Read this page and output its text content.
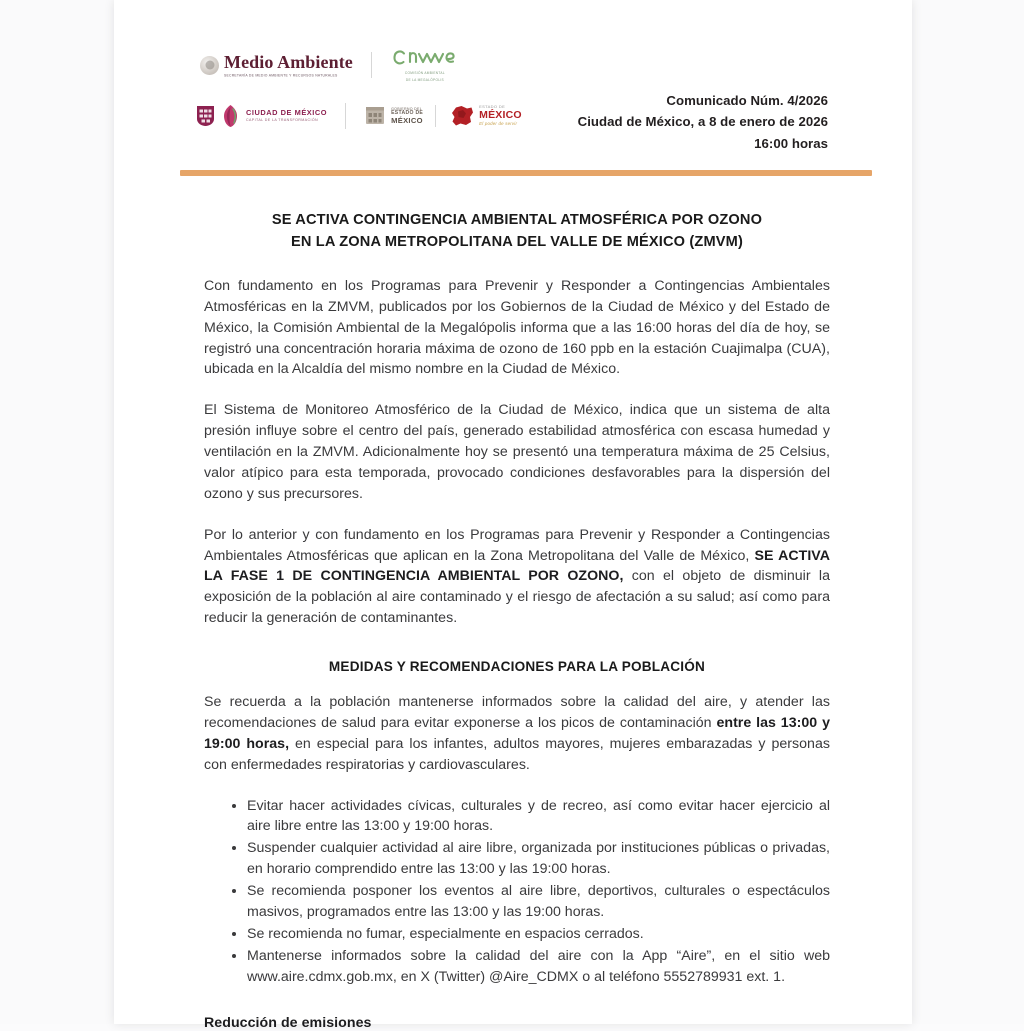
Medio Ambiente
SECRETARÍA DE MEDIO AMBIENTE Y RECURSOS NATURALES	COMISIÓN AMBIENTAL
DE LA MEGALÓPOLIS
CIUDAD DE MÉXICO
CAPITAL DE LA TRANSFORMACIÓN
GOBIERNO DEL
ESTADO DE
MÉXICO
ESTADO DE
MÉXICO
El poder de servir
Comunicado Núm. 4/2026
Ciudad de México, a 8 de enero de 2026
16:00 horas
SE ACTIVA CONTINGENCIA AMBIENTAL ATMOSFÉRICA POR OZONO
EN LA ZONA METROPOLITANA DEL VALLE DE MÉXICO (ZMVM)

Con fundamento en los Programas para Prevenir y Responder a Contingencias Ambientales Atmosféricas en la ZMVM, publicados por los Gobiernos de la Ciudad de México y del Estado de México, la Comisión Ambiental de la Megalópolis informa que a las 16:00 horas del día de hoy, se registró una concentración horaria máxima de ozono de 160 ppb en la estación Cuajimalpa (CUA), ubicada en la Alcaldía del mismo nombre en la Ciudad de México.

El Sistema de Monitoreo Atmosférico de la Ciudad de México, indica que un sistema de alta presión influye sobre el centro del país, generado estabilidad atmosférica con escasa humedad y ventilación en la ZMVM. Adicionalmente hoy se presentó una temperatura máxima de 25 Celsius, valor atípico para esta temporada, provocado condiciones desfavorables para la dispersión del ozono y sus precursores.

Por lo anterior y con fundamento en los Programas para Prevenir y Responder a Contingencias Ambientales Atmosféricas que aplican en la Zona Metropolitana del Valle de México, SE ACTIVA LA FASE 1 DE CONTINGENCIA AMBIENTAL POR OZONO, con el objeto de disminuir la exposición de la población al aire contaminado y el riesgo de afectación a su salud; así como para reducir la generación de contaminantes.

MEDIDAS Y RECOMENDACIONES PARA LA POBLACIÓN

Se recuerda a la población mantenerse informados sobre la calidad del aire, y atender las recomendaciones de salud para evitar exponerse a los picos de contaminación entre las 13:00 y 19:00 horas, en especial para los infantes, adultos mayores, mujeres embarazadas y personas con enfermedades respiratorias y cardiovasculares.

Evitar hacer actividades cívicas, culturales y de recreo, así como evitar hacer ejercicio al aire libre entre las 13:00 y 19:00 horas.
Suspender cualquier actividad al aire libre, organizada por instituciones públicas o privadas, en horario comprendido entre las 13:00 y las 19:00 horas.
Se recomienda posponer los eventos al aire libre, deportivos, culturales o espectáculos masivos, programados entre las 13:00 y las 19:00 horas.
Se recomienda no fumar, especialmente en espacios cerrados.
Mantenerse informados sobre la calidad del aire con la App “Aire”, en el sitio web www.aire.cdmx.gob.mx, en X (Twitter) @Aire_CDMX o al teléfono 5552789931 ext. 1.
Reducción de emisiones
